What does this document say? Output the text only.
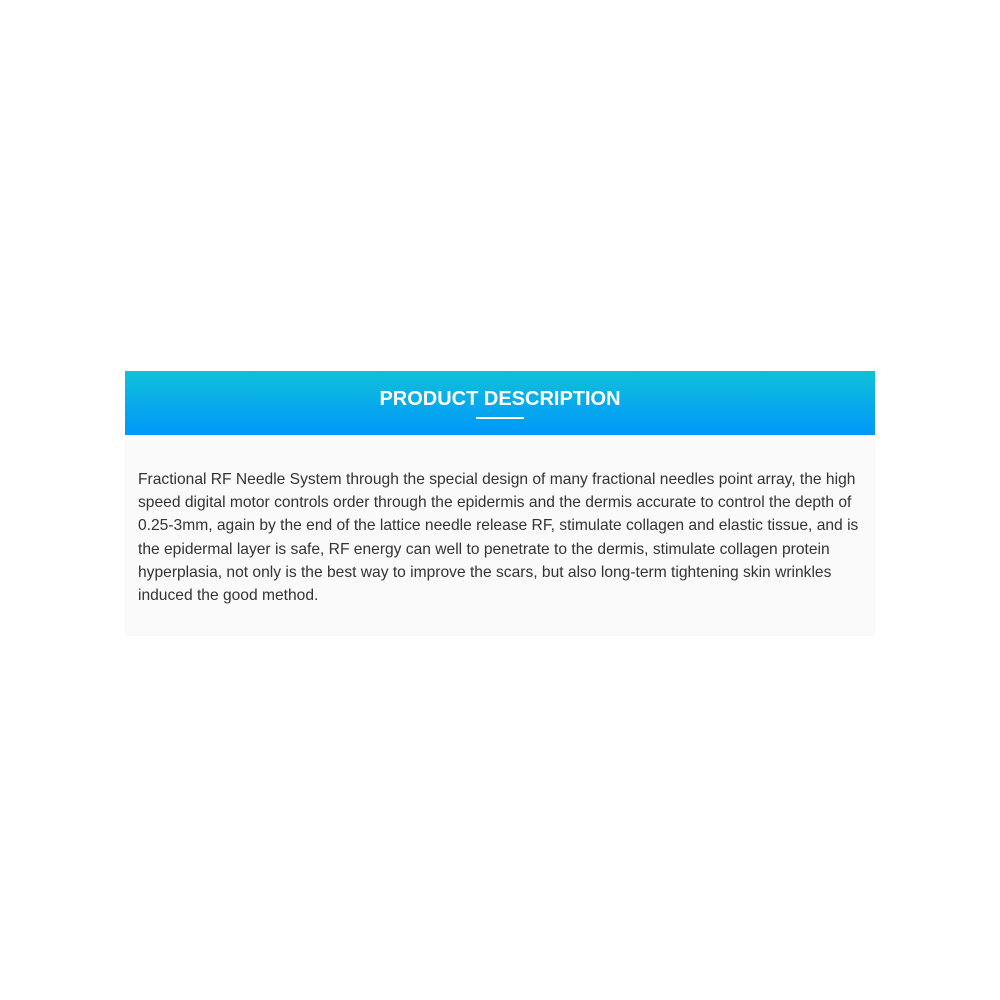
PRODUCT DESCRIPTION

Fractional RF Needle System through the special design of many fractional needles point array, the high speed digital motor controls order through the epidermis and the dermis accurate to control the depth of 0.25-3mm, again by the end of the lattice needle release RF, stimulate collagen and elastic tissue, and is the epidermal layer is safe, RF energy can well to penetrate to the dermis, stimulate collagen protein hyperplasia, not only is the best way to improve the scars, but also long-term tightening skin wrinkles induced the good method.
